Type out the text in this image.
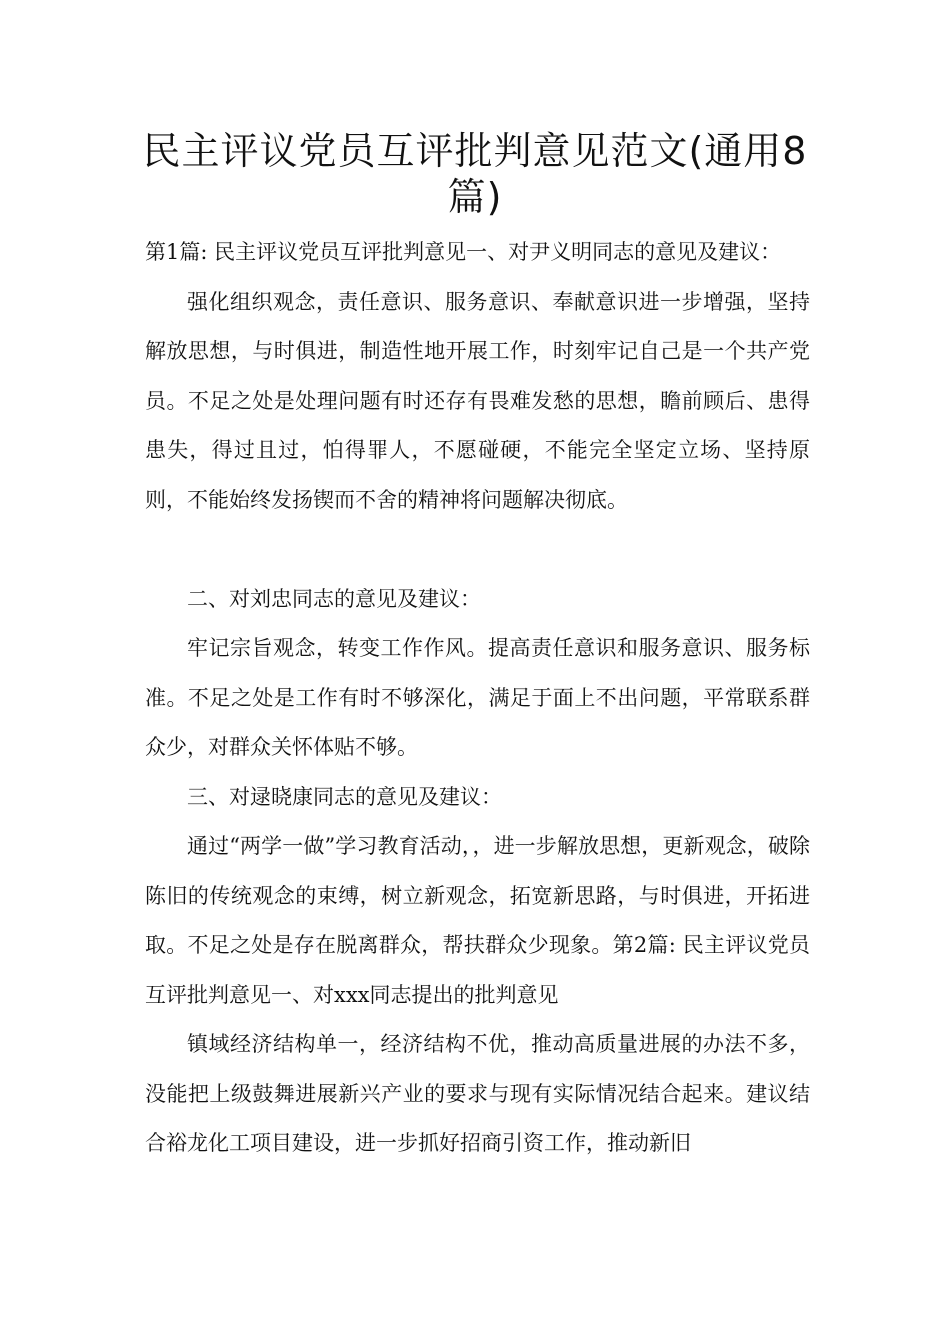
民主评议党员互评批判意见范文(通用8篇)

第1篇: 民主评议党员互评批判意见一、对尹义明同志的意见及建议：

强化组织观念，责任意识、服务意识、奉献意识进一步增强，坚持解放思想，与时俱进，制造性地开展工作，时刻牢记自己是一个共产党员。不足之处是处理问题有时还存有畏难发愁的思想，瞻前顾后、患得患失，得过且过，怕得罪人，不愿碰硬，不能完全坚定立场、坚持原则，不能始终发扬锲而不舍的精神将问题解决彻底。

二、对刘忠同志的意见及建议：

牢记宗旨观念，转变工作作风。提高责任意识和服务意识、服务标准。不足之处是工作有时不够深化，满足于面上不出问题，平常联系群众少，对群众关怀体贴不够。

三、对逯晓康同志的意见及建议：

通过“两学一做”学习教育活动，，进一步解放思想，更新观念，破除陈旧的传统观念的束缚，树立新观念，拓宽新思路，与时俱进，开拓进取。不足之处是存在脱离群众，帮扶群众少现象。第2篇: 民主评议党员互评批判意见一、对xxx同志提出的批判意见

镇域经济结构单一，经济结构不优，推动高质量进展的办法不多，没能把上级鼓舞进展新兴产业的要求与现有实际情况结合起来。建议结合裕龙化工项目建设，进一步抓好招商引资工作，推动新旧
